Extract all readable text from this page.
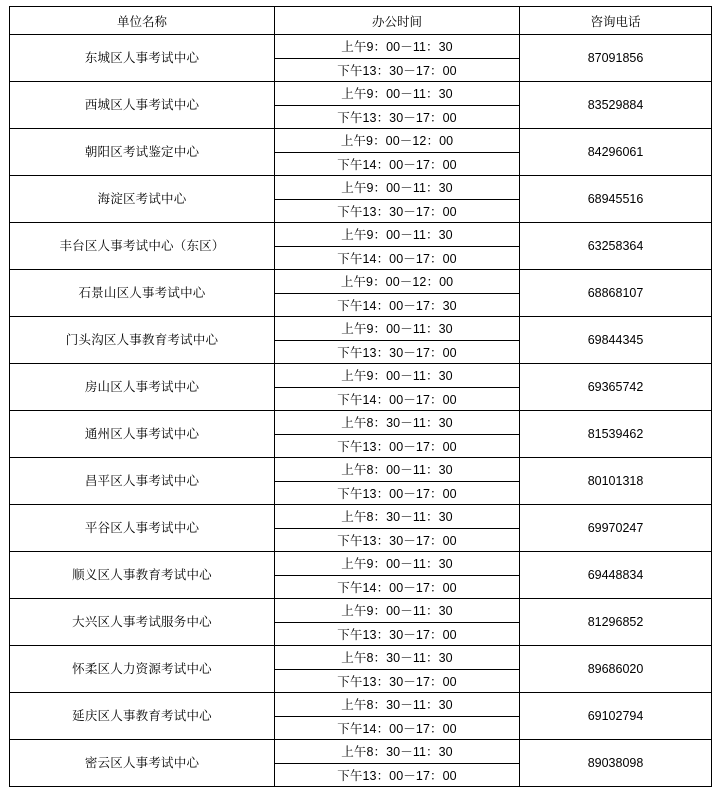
单位名称	办公时间	咨询电话
东城区人事考试中心	上午9：00－11：30	87091856
	下午13：30－17：00	
西城区人事考试中心	上午9：00－11：30	83529884
	下午13：30－17：00	
朝阳区考试鉴定中心	上午9：00－12：00	84296061
	下午14：00－17：00	
海淀区考试中心	上午9：00－11：30	68945516
	下午13：30－17：00	
丰台区人事考试中心（东区）	上午9：00－11：30	63258364
	下午14：00－17：00	
石景山区人事考试中心	上午9：00－12：00	68868107
	下午14：00－17：30	
门头沟区人事教育考试中心	上午9：00－11：30	69844345
	下午13：30－17：00	
房山区人事考试中心	上午9：00－11：30	69365742
	下午14：00－17：00	
通州区人事考试中心	上午8：30－11：30	81539462
	下午13：00－17：00	
昌平区人事考试中心	上午8：00－11：30	80101318
	下午13：00－17：00	
平谷区人事考试中心	上午8：30－11：30	69970247
	下午13：30－17：00	
顺义区人事教育考试中心	上午9：00－11：30	69448834
	下午14：00－17：00	
大兴区人事考试服务中心	上午9：00－11：30	81296852
	下午13：30－17：00	
怀柔区人力资源考试中心	上午8：30－11：30	89686020
	下午13：30－17：00	
延庆区人事教育考试中心	上午8：30－11：30	69102794
	下午14：00－17：00	
密云区人事考试中心	上午8：30－11：30	89038098
	下午13：00－17：00	
